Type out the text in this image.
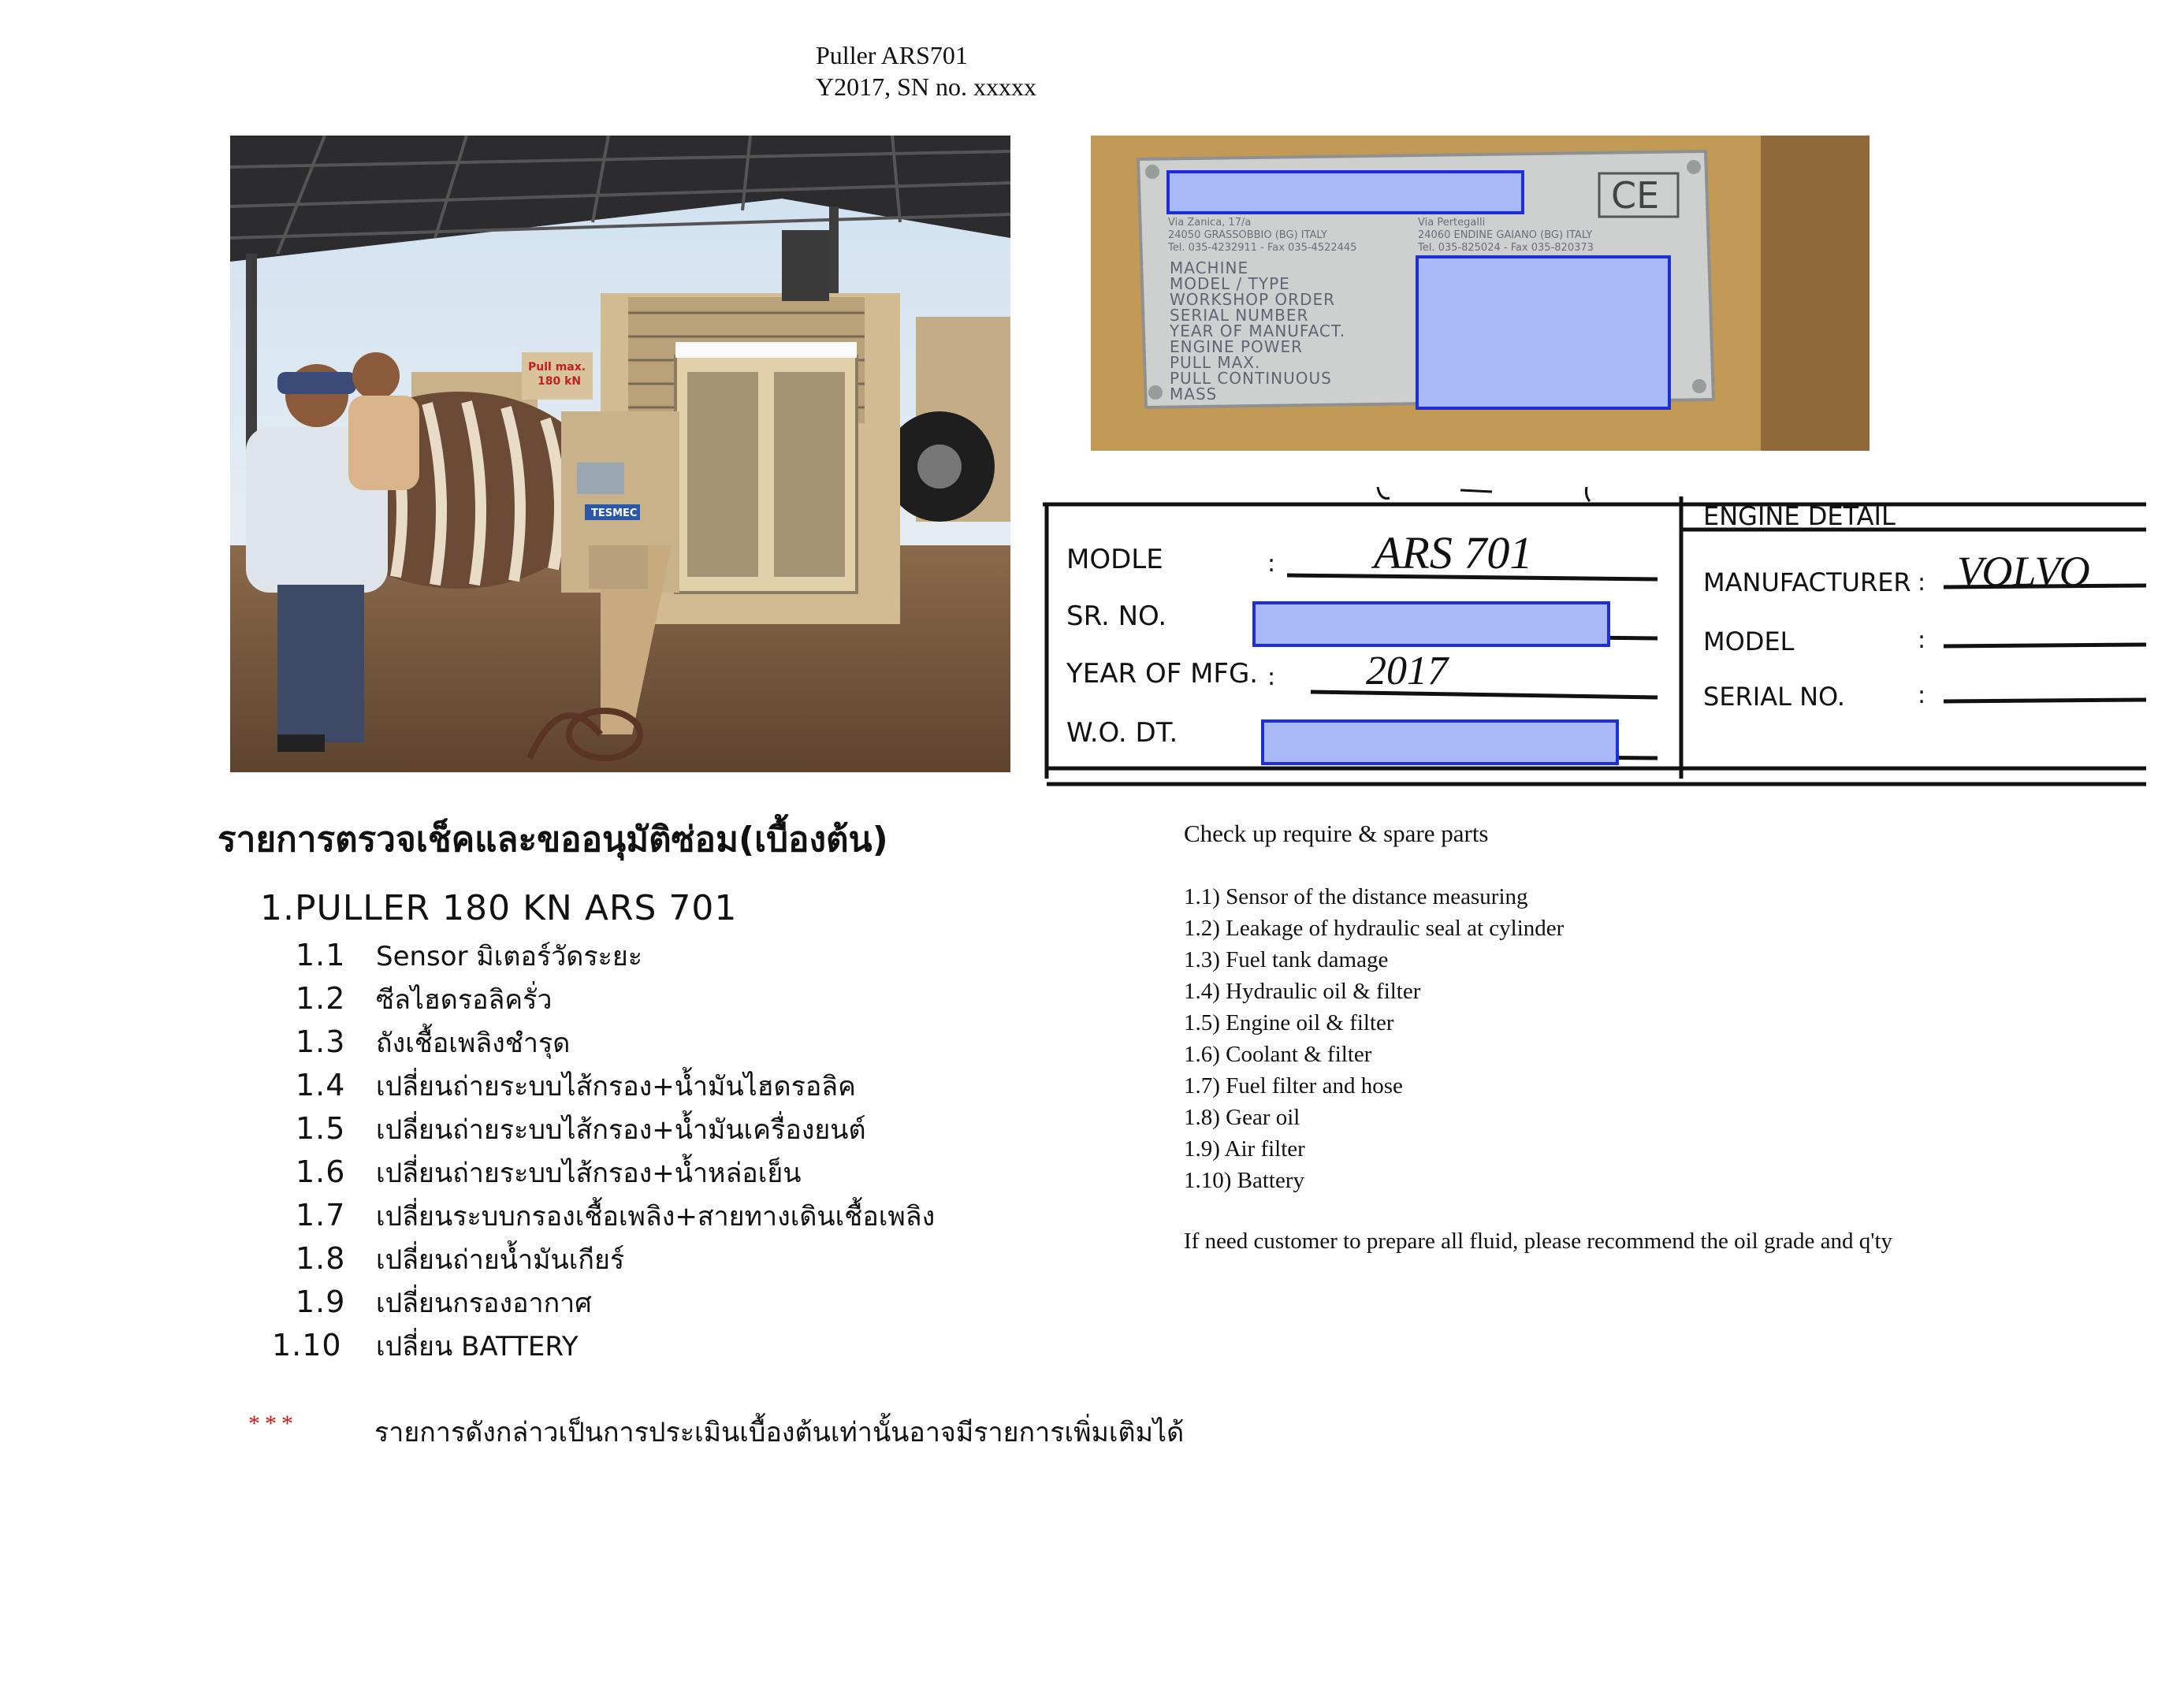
Puller ARS701
Y2017, SN no. xxxxx
Pull max.
180 kN
TESMEC
CE
Via Zanica, 17/a
24050 GRASSOBBIO (BG) ITALY
Tel. 035-4232911 - Fax 035-4522445
Via Pertegalli
24060 ENDINE GAIANO (BG) ITALY
Tel. 035-825024 - Fax 035-820373
MACHINE
MODEL / TYPE
WORKSHOP ORDER
SERIAL NUMBER
YEAR OF MANUFACT.
ENGINE POWER
PULL MAX.
PULL CONTINUOUS
MASS
MODLE	: ARS 701
SR. NO.
YEAR OF MFG. : 2017
W.O. DT.
ENGINE DETAIL
MANUFACTURER : VOLVO
MODEL	:
SERIAL NO.	:
รายการตรวจเช็คและขออนุมัติซ่อม(เบื้องต้น)	Check up require & spare parts
1.PULLER 180 KN ARS 701
1.1 Sensor มิเตอร์วัดระยะ
1.2 ซีลไฮดรอลิครั่ว
1.3 ถังเชื้อเพลิงชำรุด
1.4 เปลี่ยนถ่ายระบบไส้กรอง+น้ำมันไฮดรอลิค
1.5 เปลี่ยนถ่ายระบบไส้กรอง+น้ำมันเครื่องยนต์
1.6 เปลี่ยนถ่ายระบบไส้กรอง+น้ำหล่อเย็น
1.7 เปลี่ยนระบบกรองเชื้อเพลิง+สายทางเดินเชื้อเพลิง
1.8 เปลี่ยนถ่ายน้ำมันเกียร์
1.9 เปลี่ยนกรองอากาศ
1.10 เปลี่ยน BATTERY
1.1) Sensor of the distance measuring
1.2) Leakage of hydraulic seal at cylinder
1.3) Fuel tank damage
1.4) Hydraulic oil & filter
1.5) Engine oil & filter
1.6) Coolant & filter
1.7) Fuel filter and hose
1.8) Gear oil
1.9) Air filter
1.10) Battery
If need customer to prepare all fluid, please recommend the oil grade and q'ty
***	รายการดังกล่าวเป็นการประเมินเบื้องต้นเท่านั้นอาจมีรายการเพิ่มเติมได้
